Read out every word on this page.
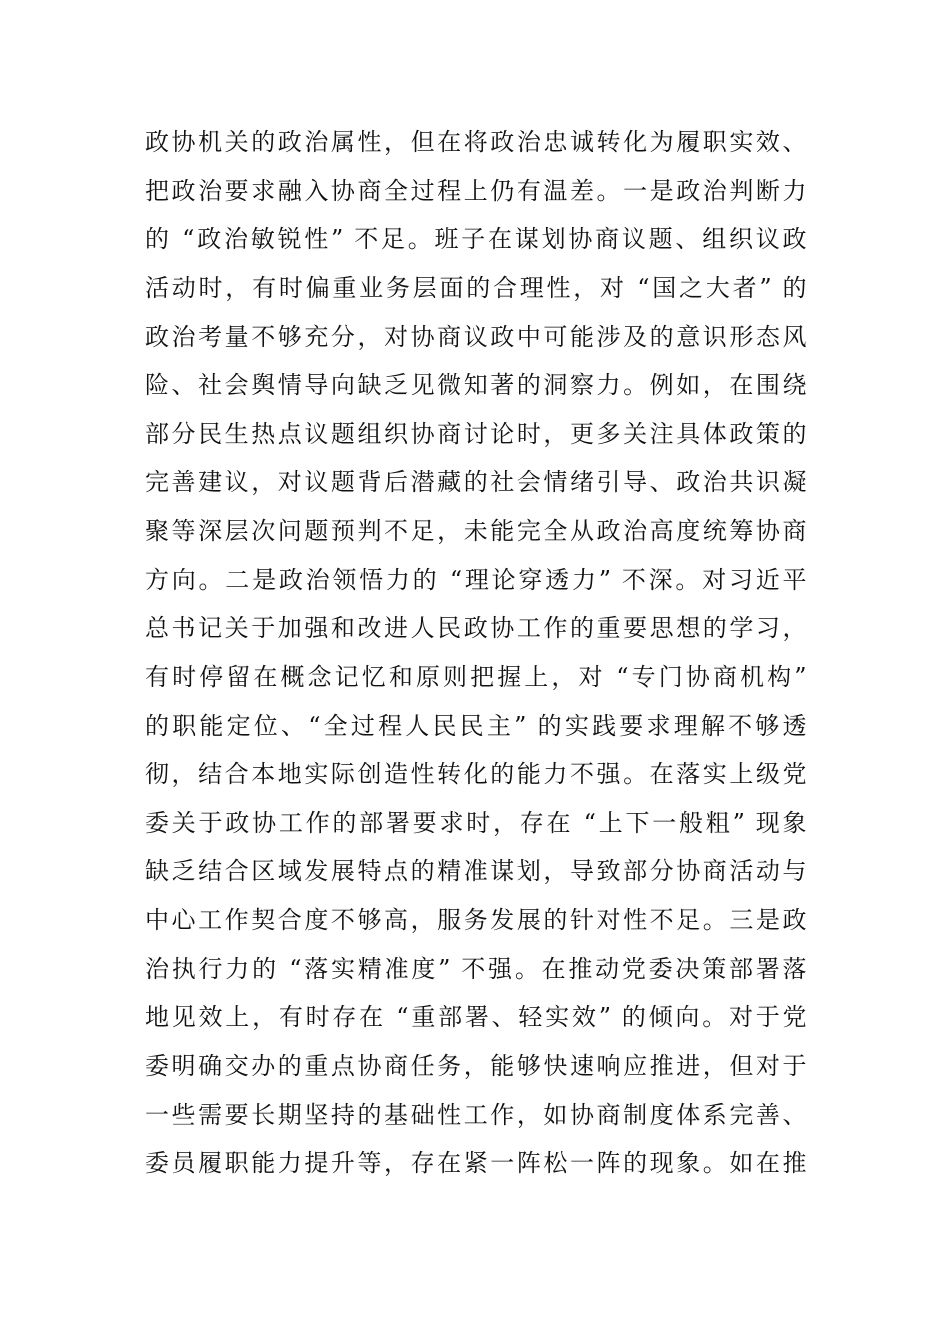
政协机关的政治属性，但在将政治忠诚转化为履职实效、
把政治要求融入协商全过程上仍有温差。一是政治判断力
的 “政治敏锐性” 不足。班子在谋划协商议题、组织议政
活动时，有时偏重业务层面的合理性，对 “国之大者” 的
政治考量不够充分，对协商议政中可能涉及的意识形态风
险、社会舆情导向缺乏见微知著的洞察力。例如，在围绕
部分民生热点议题组织协商讨论时，更多关注具体政策的
完善建议，对议题背后潜藏的社会情绪引导、政治共识凝
聚等深层次问题预判不足，未能完全从政治高度统筹协商
方向。二是政治领悟力的 “理论穿透力” 不深。对习近平
总书记关于加强和改进人民政协工作的重要思想的学习，
有时停留在概念记忆和原则把握上，对 “专门协商机构”
的职能定位、“全过程人民民主” 的实践要求理解不够透
彻，结合本地实际创造性转化的能力不强。在落实上级党
委关于政协工作的部署要求时，存在 “上下一般粗” 现象
缺乏结合区域发展特点的精准谋划，导致部分协商活动与
中心工作契合度不够高，服务发展的针对性不足。三是政
治执行力的 “落实精准度” 不强。在推动党委决策部署落
地见效上，有时存在 “重部署、轻实效” 的倾向。对于党
委明确交办的重点协商任务，能够快速响应推进，但对于
一些需要长期坚持的基础性工作，如协商制度体系完善、
委员履职能力提升等，存在紧一阵松一阵的现象。如在推
